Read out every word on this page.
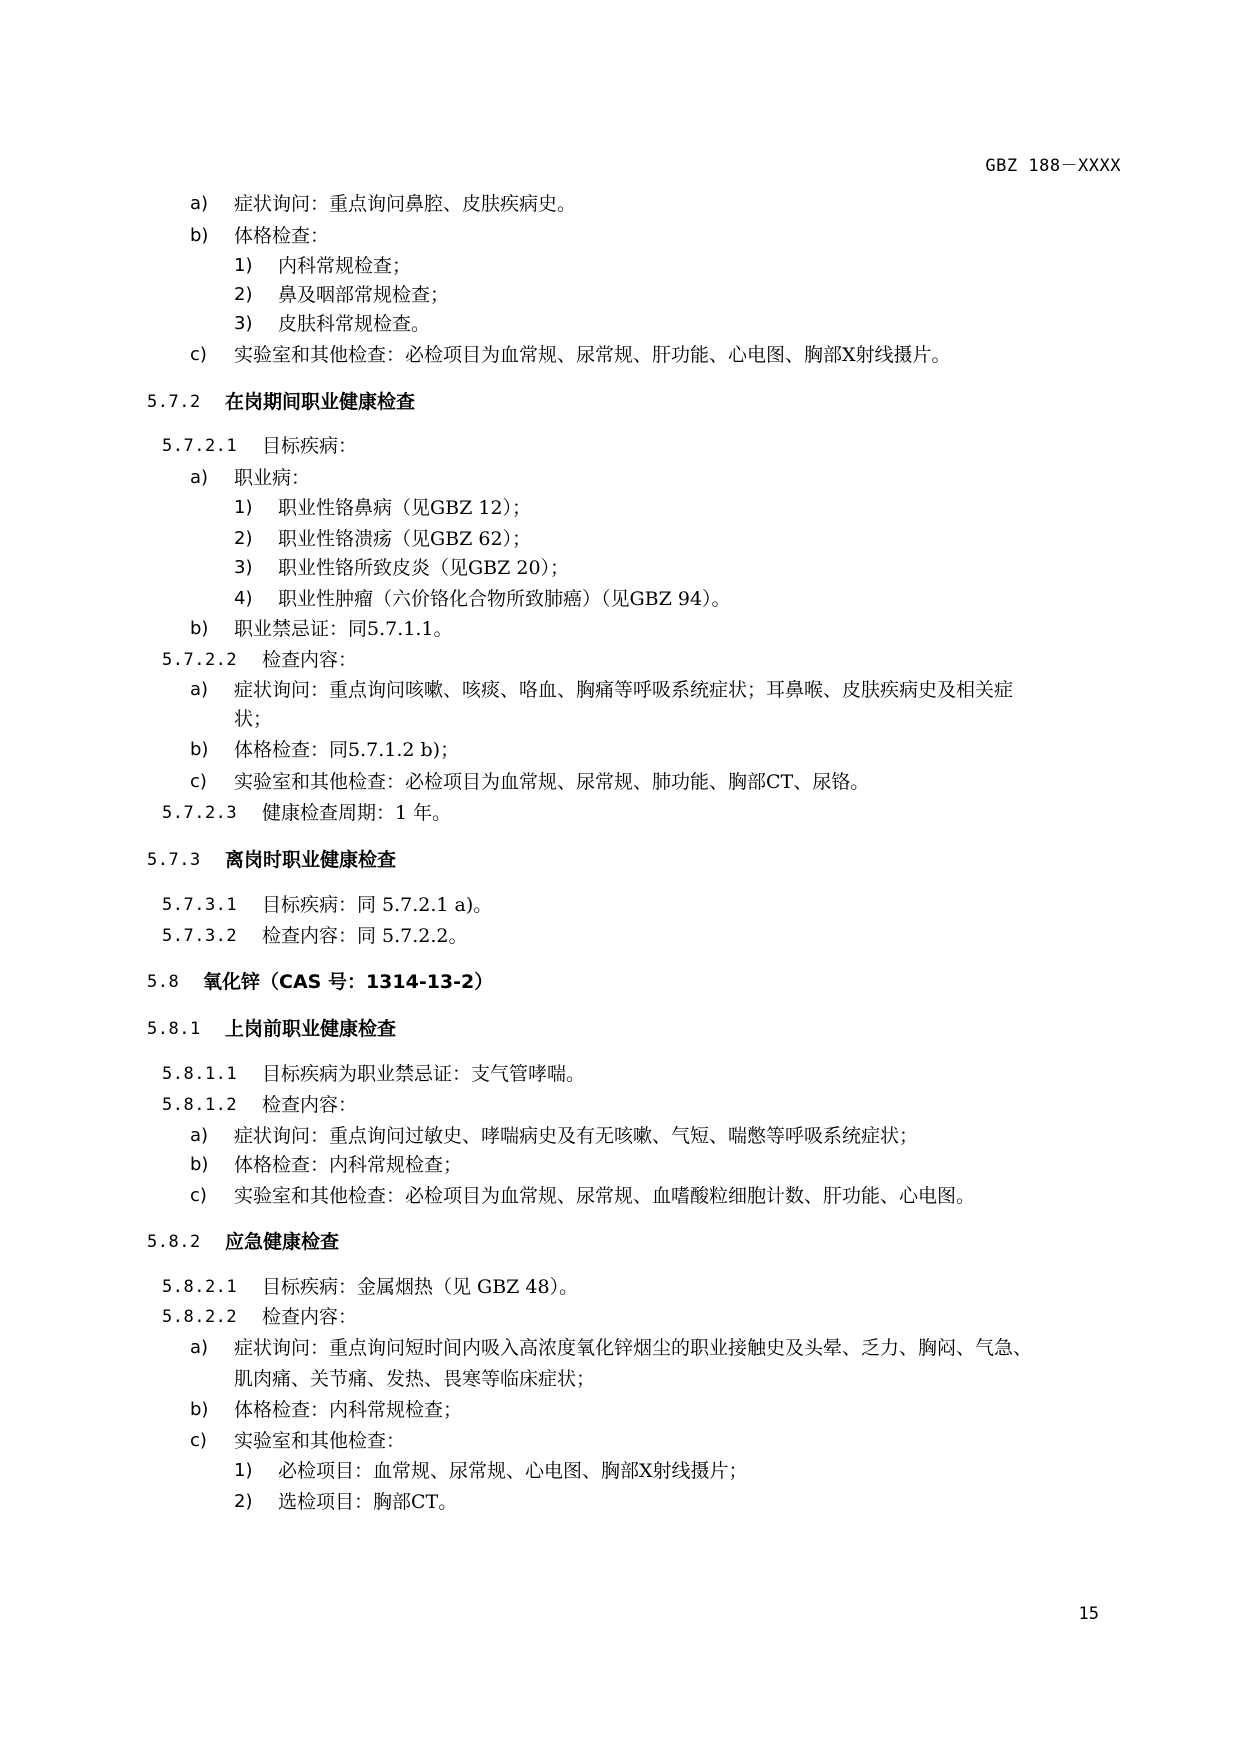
GBZ 188－XXXX
a) 症状询问：重点询问鼻腔、皮肤疾病史。
b) 体格检查：
1) 内科常规检查；
2) 鼻及咽部常规检查；
3) 皮肤科常规检查。
c) 实验室和其他检查：必检项目为血常规、尿常规、肝功能、心电图、胸部X射线摄片。
5.7.2 在岗期间职业健康检查
5.7.2.1 目标疾病：
a) 职业病：
1) 职业性铬鼻病（见GBZ 12）；
2) 职业性铬溃疡（见GBZ 62）；
3) 职业性铬所致皮炎（见GBZ 20）；
4) 职业性肿瘤（六价铬化合物所致肺癌）（见GBZ 94）。
b) 职业禁忌证：同5.7.1.1。
5.7.2.2 检查内容：
a) 症状询问：重点询问咳嗽、咳痰、咯血、胸痛等呼吸系统症状；耳鼻喉、皮肤疾病史及相关症
状；
b) 体格检查：同5.7.1.2 b)；
c) 实验室和其他检查：必检项目为血常规、尿常规、肺功能、胸部CT、尿铬。
5.7.2.3 健康检查周期：1 年。
5.7.3 离岗时职业健康检查
5.7.3.1 目标疾病：同 5.7.2.1 a)。
5.7.3.2 检查内容：同 5.7.2.2。
5.8 氧化锌（CAS 号：1314-13-2）
5.8.1 上岗前职业健康检查
5.8.1.1 目标疾病为职业禁忌证：支气管哮喘。
5.8.1.2 检查内容：
a) 症状询问：重点询问过敏史、哮喘病史及有无咳嗽、气短、喘憋等呼吸系统症状；
b) 体格检查：内科常规检查；
c) 实验室和其他检查：必检项目为血常规、尿常规、血嗜酸粒细胞计数、肝功能、心电图。
5.8.2 应急健康检查
5.8.2.1 目标疾病：金属烟热（见 GBZ 48）。
5.8.2.2 检查内容：
a) 症状询问：重点询问短时间内吸入高浓度氧化锌烟尘的职业接触史及头晕、乏力、胸闷、气急、
肌肉痛、关节痛、发热、畏寒等临床症状；
b) 体格检查：内科常规检查；
c) 实验室和其他检查：
1) 必检项目：血常规、尿常规、心电图、胸部X射线摄片；
2) 选检项目：胸部CT。
15
